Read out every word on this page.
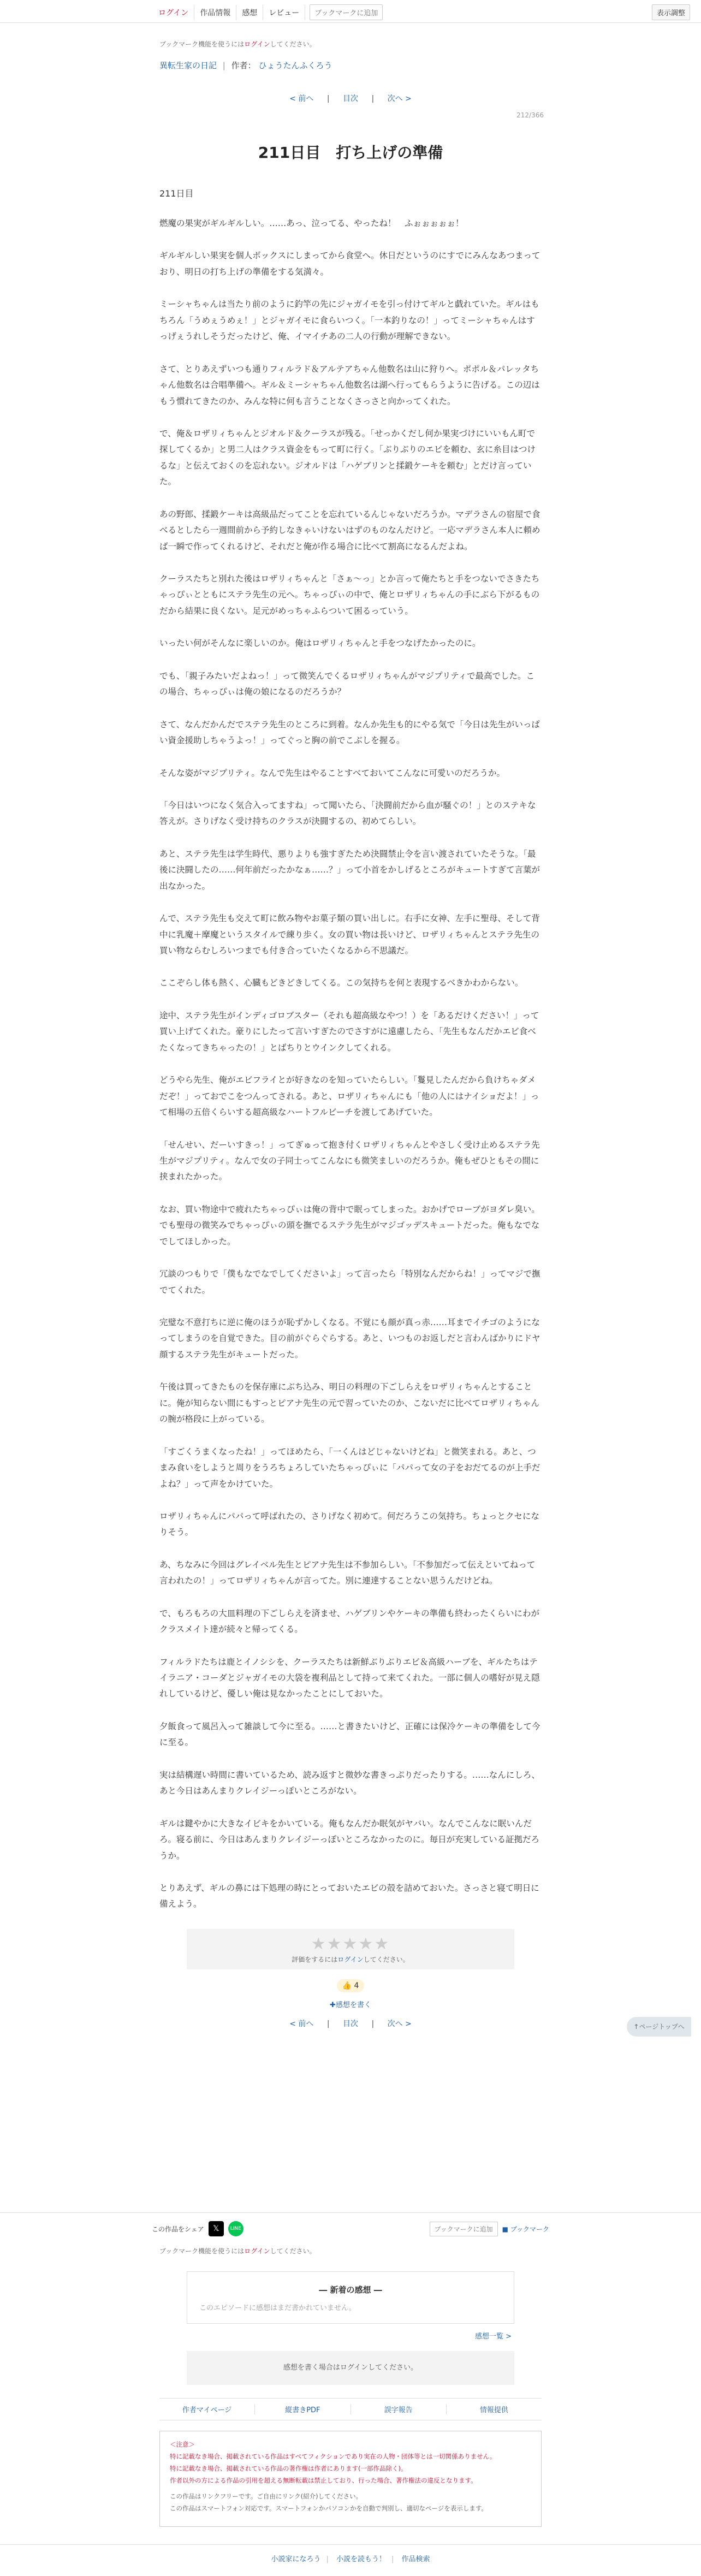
ログイン	作品情報	感想	レビュー	ブックマークに追加	表示調整
ブックマーク機能を使うにはログインしてください。
異転生家の日記 | 作者： ひょうたんふくろう
< 前へ | 目次 | 次へ >
212/366
211日目　打ち上げの準備
211日目

燃魔の果実がギルギルしい。……あっ、泣ってる、やったね！　ふぉぉぉぉぉ！

ギルギルしい果実を個人ボックスにしまってから食堂へ。休日だというのにすでにみんなあつまっており、明日の打ち上げの準備をする気満々。

ミーシャちゃんは当たり前のように釣竿の先にジャガイモを引っ付けてギルと戯れていた。ギルはもちろん「うめぇうめぇ！」とジャガイモに食らいつく。「一本釣りなの！」ってミーシャちゃんはすっげぇうれしそうだったけど、俺、イマイチあの二人の行動が理解できない。

さて、とりあえずいつも通りフィルラド＆アルテアちゃん他数名は山に狩りへ。ポポル＆パレッタちゃん他数名は合唱準備へ。ギル＆ミーシャちゃん他数名は湖へ行ってもらうように告げる。この辺はもう慣れてきたのか、みんな特に何も言うことなくさっさと向かってくれた。

で、俺＆ロザリィちゃんとジオルド＆クーラスが残る。「せっかくだし何か果実づけにいいもん町で探してくるか」と男二人はクラス資金をもって町に行く。「ぶりぶりのエビを頼む、玄に糸目はつけるな」と伝えておくのを忘れない。ジオルドは「ハゲブリンと揉鍛ケーキを頼む」とだけ言っていた。

あの野郎、揉鍛ケーキは高級品だってことを忘れているんじゃないだろうか。マデラさんの宿屋で食べるとしたら一週間前から予約しなきゃいけないはずのものなんだけど。一応マデラさん本人に頼めば一瞬で作ってくれるけど、それだと俺が作る場合に比べて割高になるんだよね。

クーラスたちと別れた後はロザリィちゃんと「さぁ～っ」とか言って俺たちと手をつないでさきたちゃっぴぃとともにステラ先生の元へ。ちゃっぴぃの中で、俺とロザリィちゃんの手にぶら下がるものだから結果に良くない。足元がめっちゃふらついて困るっていう。

いったい何がそんなに楽しいのか。俺はロザリィちゃんと手をつなげたかったのに。

でも、「親子みたいだよねっ！」って微笑んでくるロザリィちゃんがマジプリティで最高でした。この場合、ちゃっぴぃは俺の娘になるのだろうか？

さて、なんだかんだでステラ先生のところに到着。なんか先生も的にやる気で「今日は先生がいっぱい資金援助しちゃうよっ！」ってぐっと胸の前でこぶしを握る。

そんな姿がマジプリティ。なんで先生はやることすべておいてこんなに可愛いのだろうか。

「今日はいつになく気合入ってますね」って聞いたら、「決闘前だから血が騒ぐの！」とのステキな答えが。さりげなく受け持ちのクラスが決闘するの、初めてらしい。

あと、ステラ先生は学生時代、悪りよりも強すぎたため決闘禁止令を言い渡されていたそうな。「最後に決闘したの……何年前だったかなぁ……？」って小首をかしげるところがキュートすぎて言葉が出なかった。

んで、ステラ先生も交えて町に飲み物やお菓子類の買い出しに。右手に女神、左手に聖母、そして背中に乳魔＋摩魔というスタイルで練り歩く。女の買い物は長いけど、ロザリィちゃんとステラ先生の買い物ならむしろいつまでも付き合っていたくなるから不思議だ。

ここぞらし体も熱く、心臓もどきどきしてくる。この気持ちを何と表現するべきかわからない。

途中、ステラ先生がインディゴロブスター（それも超高級なやつ！）を「あるだけください！」って買い上げてくれた。豪りにしたって言いすぎたのでさすがに遠慮したら、「先生もなんだかエビ食べたくなってきちゃったの！」とばちりとウインクしてくれる。

どうやら先生、俺がエビフライとが好きなのを知っていたらしい。「鬘見したんだから負けちゃダメだぞ！」っておでこをつんってされる。あと、ロザリィちゃんにも「他の人にはナイショだよ！」って相場の五倍くらいする超高級なハートフルビーチを渡してあげていた。

「せんせい、だーいすきっ！」ってぎゅって抱き付くロザリィちゃんとやさしく受け止めるステラ先生がマジプリティ。なんで女の子同士ってこんなにも微笑ましいのだろうか。俺もぜひともその間に挟まれたかった。

なお、買い物途中で疲れたちゃっぴぃは俺の背中で眠ってしまった。おかげでローブがヨダレ臭い。でも聖母の微笑みでちゃっぴぃの頭を撫でるステラ先生がマジゴッデスキュートだった。俺もなでなでしてほしかった。

冗談のつもりで「僕もなでなでしてくださいよ」って言ったら「特別なんだからね！」ってマジで撫でてくれた。

完璧な不意打ちに逆に俺のほうが恥ずかしくなる。不覚にも顔が真っ赤……耳までイチゴのようになってしまうのを自覚できた。目の前がぐらぐらする。あと、いつものお返しだと言わんばかりにドヤ顔するステラ先生がキュートだった。

午後は買ってきたものを保存庫にぶち込み、明日の料理の下ごしらえをロザリィちゃんとすることに。俺が知らない間にもすっとピアナ先生の元で習っていたのか、こないだに比べてロザリィちゃんの腕が格段に上がっている。

「すごくうまくなったね！」ってほめたら、「一くんはどじゃないけどね」と微笑まれる。あと、つまみ食いをしようと周りをうろちょろしていたちゃっぴぃに「パパって女の子をおだてるのが上手だよね？」って声をかけていた。

ロザリィちゃんにパパって呼ばれたの、さりげなく初めて。何だろうこの気持ち。ちょっとクセになりそう。

あ、ちなみに今回はグレイベル先生とピアナ先生は不参加らしい。「不参加だって伝えといてねって言われたの！」ってロザリィちゃんが言ってた。別に連達することない思うんだけどね。

で、もろもろの大皿料理の下ごしらえを済ませ、ハゲブリンやケーキの準備も終わったくらいにわがクラスメイト達が続々と帰ってくる。

フィルラドたちは鹿とイノシシを、クーラスたちは新鮮ぶりぶりエビ＆高級ハーブを、ギルたちはテイラニア・コーダとジャガイモの大袋を複利品として持って来てくれた。一部に個人の嗜好が見え隠れしているけど、優しい俺は見なかったことにしておいた。

夕飯食って風呂入って雑談して今に至る。……と書きたいけど、正確には保冷ケーキの準備をして今に至る。

実は結構遅い時間に書いているため、読み返すと微妙な書きっぷりだったりする。……なんにしろ、あと今日はあんまりクレイジーっぽいところがない。

ギルは鍵やかに大きなイビキをかいている。俺もなんだか眠気がヤバい。なんでこんなに眠いんだろ。寝る前に、今日はあんまりクレイジーっぽいところなかったのに。毎日が充実している証拠だろうか。

とりあえず、ギルの鼻には下処理の時にとっておいたエビの殻を詰めておいた。さっさと寝て明日に備えよう。

↑ページトップへ
★★★★★
評価をするにはログインしてください。
👍 4
✚感想を書く
< 前へ | 目次 | 次へ >
この作品をシェア	𝕏	LINE	ブックマークに追加	■ ブックマーク
ブックマーク機能を使うにはログインしてください。
― 新着の感想 ―
このエピソードに感想はまだ書かれていません。
感想一覧 >
感想を書く場合はログインしてください。
作者マイページ	縦書きPDF	誤字報告	情報提供
＜注意＞
特に記載なき場合、掲載されている作品はすべてフィクションであり実在の人物・団体等とは一切関係ありません。
特に記載なき場合、掲載されている作品の著作権は作者にあります(一部作品除く)。
作者以外の方による作品の引用を超える無断転載は禁止しており、行った場合、著作権法の違反となります。
この作品はリンクフリーです。ご自由にリンク(紹介)してください。
この作品はスマートフォン対応です。スマートフォンかパソコンかを自動で判別し、適切なページを表示します。
小説家になろう | 小説を読もう！ | 作品検索
